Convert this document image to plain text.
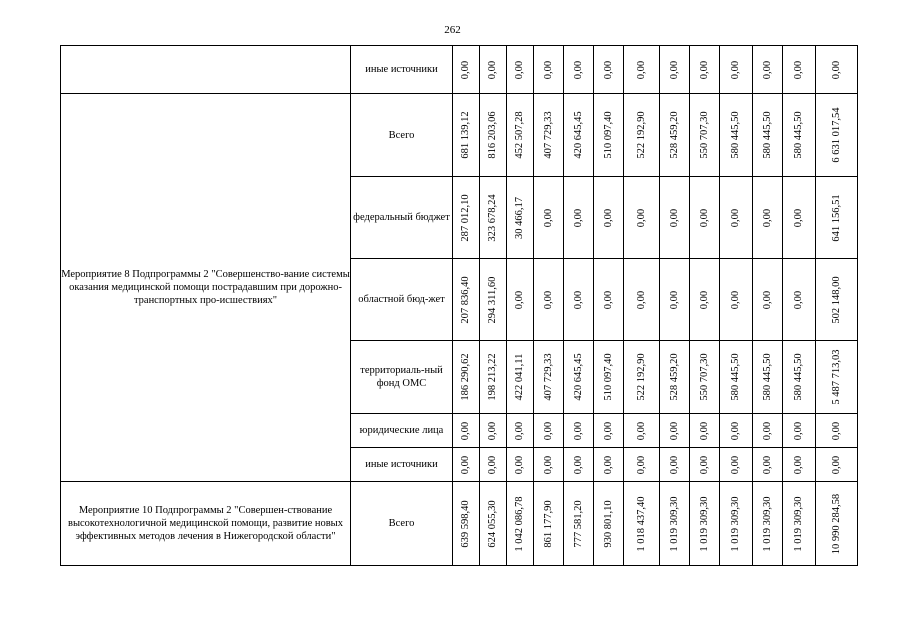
262
	иные источники	0,00	0,00	0,00	0,00	0,00	0,00	0,00	0,00	0,00	0,00	0,00	0,00	0,00

Мероприятие 8 Подпрограммы 2 "Совершенство-вание системы оказания медицинской помощи пострадавшим при дорожно-транспортных про-исшествиях"	Всего	681 139,12	816 203,06	452 507,28	407 729,33	420 645,45	510 097,40	522 192,90	528 459,20	550 707,30	580 445,50	580 445,50	580 445,50	6 631 017,54

	федеральный бюджет	287 012,10	323 678,24	30 466,17	0,00	0,00	0,00	0,00	0,00	0,00	0,00	0,00	0,00	641 156,51

	областной бюд-жет	207 836,40	294 311,60	0,00	0,00	0,00	0,00	0,00	0,00	0,00	0,00	0,00	0,00	502 148,00

	территориаль-ный фонд ОМС	186 290,62	198 213,22	422 041,11	407 729,33	420 645,45	510 097,40	522 192,90	528 459,20	550 707,30	580 445,50	580 445,50	580 445,50	5 487 713,03

	юридические лица	0,00	0,00	0,00	0,00	0,00	0,00	0,00	0,00	0,00	0,00	0,00	0,00	0,00

	иные источники	0,00	0,00	0,00	0,00	0,00	0,00	0,00	0,00	0,00	0,00	0,00	0,00	0,00

Мероприятие 10 Подпрограммы 2 "Совершен-ствование высокотехнологичной медицинской помощи, развитие новых эффективных методов лечения в Нижегородской области"	Всего	639 598,40	624 055,30	1 042 086,78	861 177,90	777 581,20	930 801,10	1 018 437,40	1 019 309,30	1 019 309,30	1 019 309,30	1 019 309,30	1 019 309,30	10 990 284,58
